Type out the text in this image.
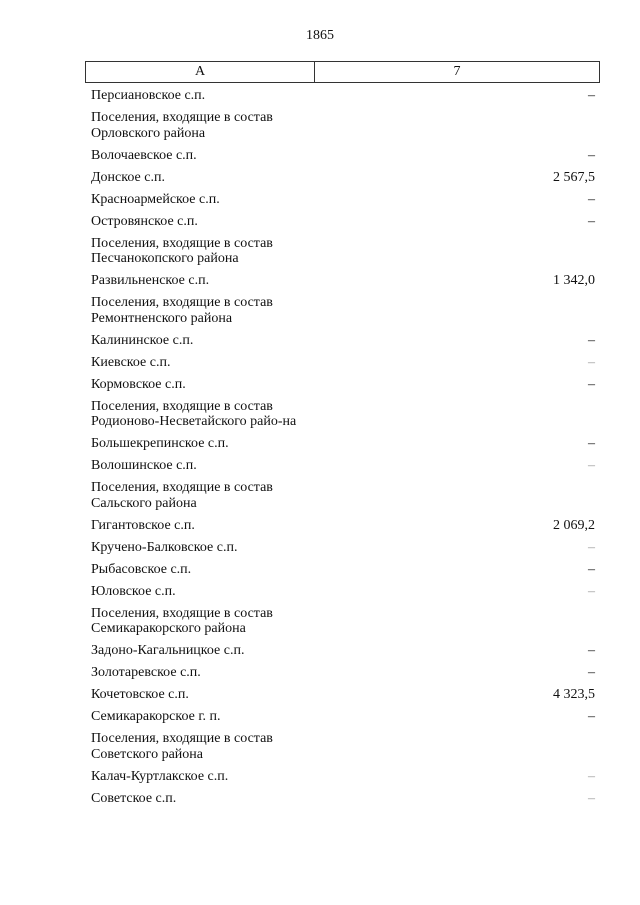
1865
А	7
Персиановское с.п.	–
Поселения, входящие в состав Орловского района
Волочаевское с.п.	–
Донское с.п.	2 567,5
Красноармейское с.п.	–
Островянское с.п.	–
Поселения, входящие в состав Песчанокопского района
Развильненское с.п.	1 342,0
Поселения, входящие в состав Ремонтненского района
Калининское с.п.	–
Киевское с.п.	–
Кормовское с.п.	–
Поселения, входящие в состав Родионово-Несветайского райо-на
Большекрепинское с.п.	–
Волошинское с.п.	–
Поселения, входящие в состав Сальского района
Гигантовское с.п.	2 069,2
Кручено-Балковское с.п.	–
Рыбасовское с.п.	–
Юловское с.п.	–
Поселения, входящие в состав Семикаракорского района
Задоно-Кагальницкое с.п.	–
Золотаревское с.п.	–
Кочетовское с.п.	4 323,5
Семикаракорское г. п.	–
Поселения, входящие в состав Советского района
Калач-Куртлакское с.п.	–
Советское с.п.	–
